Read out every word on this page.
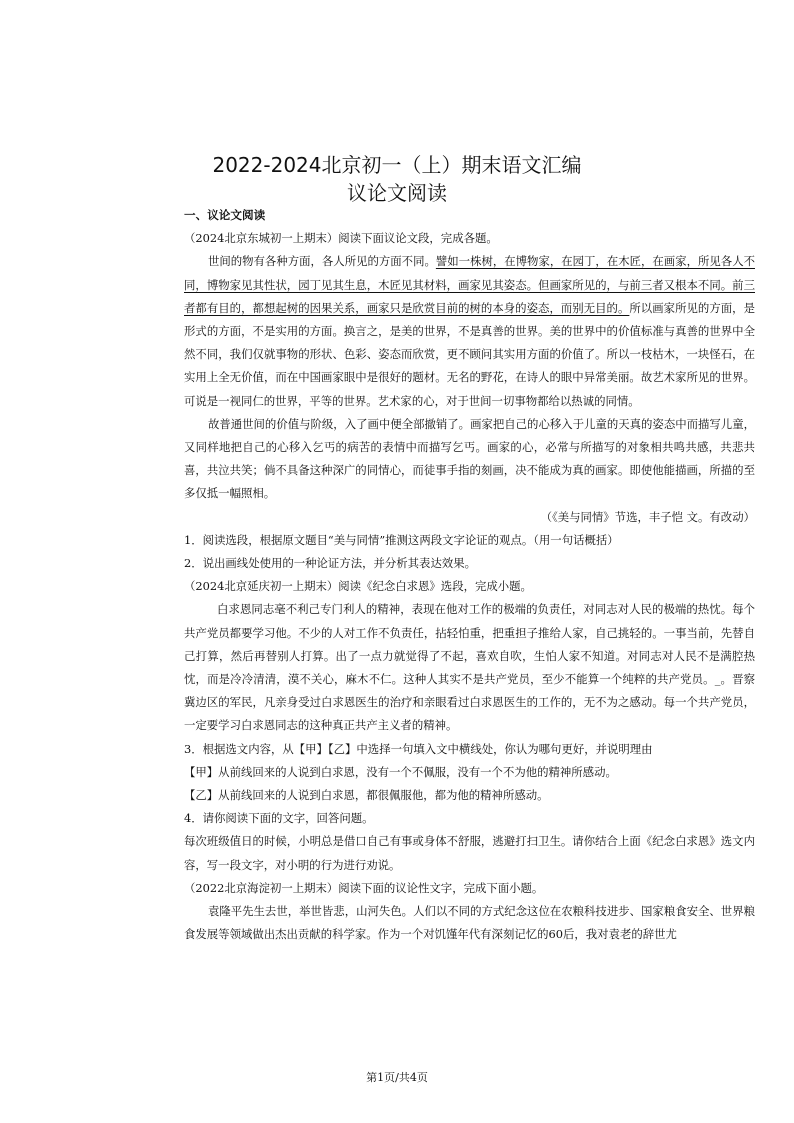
2022-2024北京初一（上）期末语文汇编
议论文阅读

一、议论文阅读

（2024北京东城初一上期末）阅读下面议论文段，完成各题。

世间的物有各种方面，各人所见的方面不同。譬如一株树，在博物家，在园丁，在木匠，在画家，所见各人不同，博物家见其性状，园丁见其生息，木匠见其材料，画家见其姿态。但画家所见的，与前三者又根本不同。前三者都有目的，都想起树的因果关系，画家只是欣赏目前的树的本身的姿态，而别无目的。所以画家所见的方面，是形式的方面，不是实用的方面。换言之，是美的世界，不是真善的世界。美的世界中的价值标准与真善的世界中全然不同，我们仅就事物的形状、色彩、姿态而欣赏，更不顾问其实用方面的价值了。所以一枝枯木，一块怪石，在实用上全无价值，而在中国画家眼中是很好的题材。无名的野花，在诗人的眼中异常美丽。故艺术家所见的世界。可说是一视同仁的世界，平等的世界。艺术家的心，对于世间一切事物都给以热诚的同情。

故普通世间的价值与阶级，入了画中便全部撤销了。画家把自己的心移入于儿童的天真的姿态中而描写儿童，又同样地把自己的心移入乞丐的病苦的表情中而描写乞丐。画家的心，必常与所描写的对象相共鸣共感，共悲共喜，共泣共笑；倘不具备这种深广的同情心，而徒事手指的刻画，决不能成为真的画家。即使他能描画，所描的至多仅抵一幅照相。

（《美与同情》节选，丰子恺 文。有改动）

1．阅读选段，根据原文题目“美与同情”推测这两段文字论证的观点。（用一句话概括）

2．说出画线处使用的一种论证方法，并分析其表达效果。

（2024北京延庆初一上期末）阅读《纪念白求恩》选段，完成小题。

白求恩同志毫不利己专门利人的精神，表现在他对工作的极端的负责任，对同志对人民的极端的热忱。每个共产党员都要学习他。不少的人对工作不负责任，拈轻怕重，把重担子推给人家，自己挑轻的。一事当前，先替自己打算，然后再替别人打算。出了一点力就觉得了不起，喜欢自吹，生怕人家不知道。对同志对人民不是满腔热忱，而是冷冷清清，漠不关心，麻木不仁。这种人其实不是共产党员，至少不能算一个纯粹的共产党员。_。晋察冀边区的军民，凡亲身受过白求恩医生的治疗和亲眼看过白求恩医生的工作的，无不为之感动。每一个共产党员，一定要学习白求恩同志的这种真正共产主义者的精神。

3．根据选文内容，从【甲】【乙】中选择一句填入文中横线处，你认为哪句更好，并说明理由

【甲】从前线回来的人说到白求恩，没有一个不佩服，没有一个不为他的精神所感动。

【乙】从前线回来的人说到白求恩，都很佩服他，都为他的精神所感动。

4．请你阅读下面的文字，回答问题。

每次班级值日的时候，小明总是借口自己有事或身体不舒服，逃避打扫卫生。请你结合上面《纪念白求恩》选文内容，写一段文字，对小明的行为进行劝说。

（2022北京海淀初一上期末）阅读下面的议论性文字，完成下面小题。

袁隆平先生去世，举世皆悲，山河失色。人们以不同的方式纪念这位在农粮科技进步、国家粮食安全、世界粮食发展等领域做出杰出贡献的科学家。作为一个对饥馑年代有深刻记忆的60后，我对袁老的辞世尤

第1页/共4页
